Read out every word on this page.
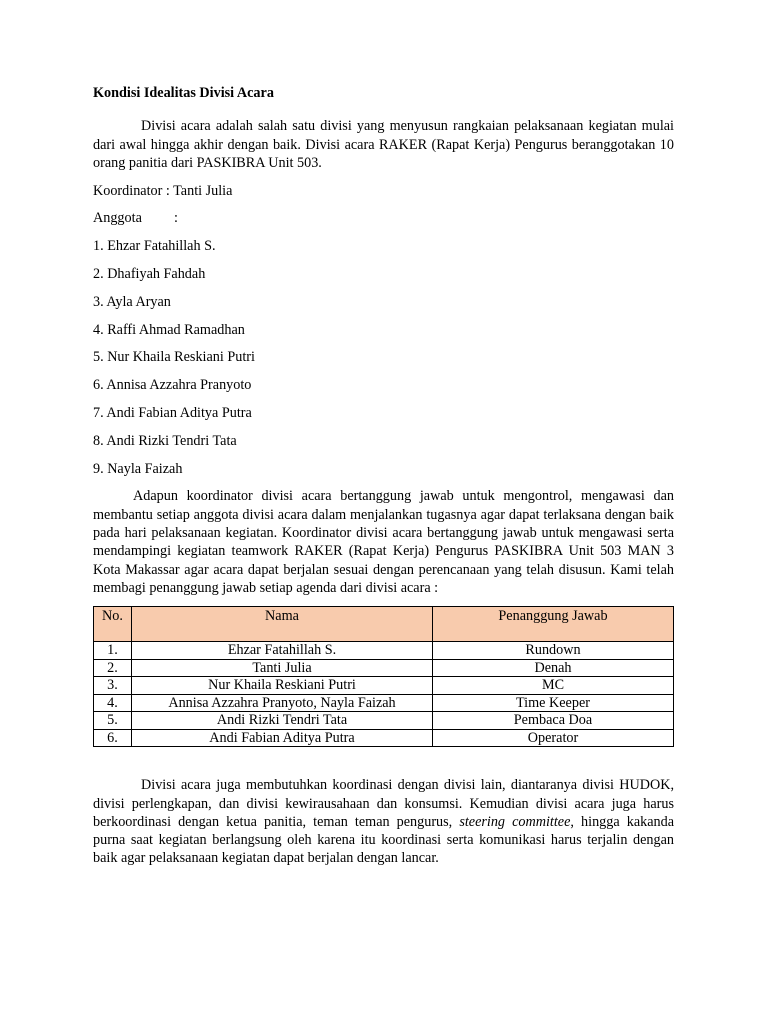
Kondisi Idealitas Divisi Acara

Divisi acara adalah salah satu divisi yang menyusun rangkaian pelaksanaan kegiatan mulai dari awal hingga akhir dengan baik. Divisi acara RAKER (Rapat Kerja) Pengurus beranggotakan 10 orang panitia dari PASKIBRA Unit 503.

Koordinator : Tanti Julia

Anggota :

1. Ehzar Fatahillah S.

2. Dhafiyah Fahdah

3. Ayla Aryan

4. Raffi Ahmad Ramadhan

5. Nur Khaila Reskiani Putri

6. Annisa Azzahra Pranyoto

7. Andi Fabian Aditya Putra

8. Andi Rizki Tendri Tata

9. Nayla Faizah

Adapun koordinator divisi acara bertanggung jawab untuk mengontrol, mengawasi dan membantu setiap anggota divisi acara dalam menjalankan tugasnya agar dapat terlaksana dengan baik pada hari pelaksanaan kegiatan. Koordinator divisi acara bertanggung jawab untuk mengawasi serta mendampingi kegiatan teamwork RAKER (Rapat Kerja) Pengurus PASKIBRA Unit 503 MAN 3 Kota Makassar agar acara dapat berjalan sesuai dengan perencanaan yang telah disusun. Kami telah membagi penanggung jawab setiap agenda dari divisi acara :

No.	Nama	Penanggung Jawab
1.	Ehzar Fatahillah S.	Rundown
2.	Tanti Julia	Denah
3.	Nur Khaila Reskiani Putri	MC
4.	Annisa Azzahra Pranyoto, Nayla Faizah	Time Keeper
5.	Andi Rizki Tendri Tata	Pembaca Doa
6.	Andi Fabian Aditya Putra	Operator

Divisi acara juga membutuhkan koordinasi dengan divisi lain, diantaranya divisi HUDOK, divisi perlengkapan, dan divisi kewirausahaan dan konsumsi. Kemudian divisi acara juga harus berkoordinasi dengan ketua panitia, teman teman pengurus, steering committee, hingga kakanda purna saat kegiatan berlangsung oleh karena itu koordinasi serta komunikasi harus terjalin dengan baik agar pelaksanaan kegiatan dapat berjalan dengan lancar.
